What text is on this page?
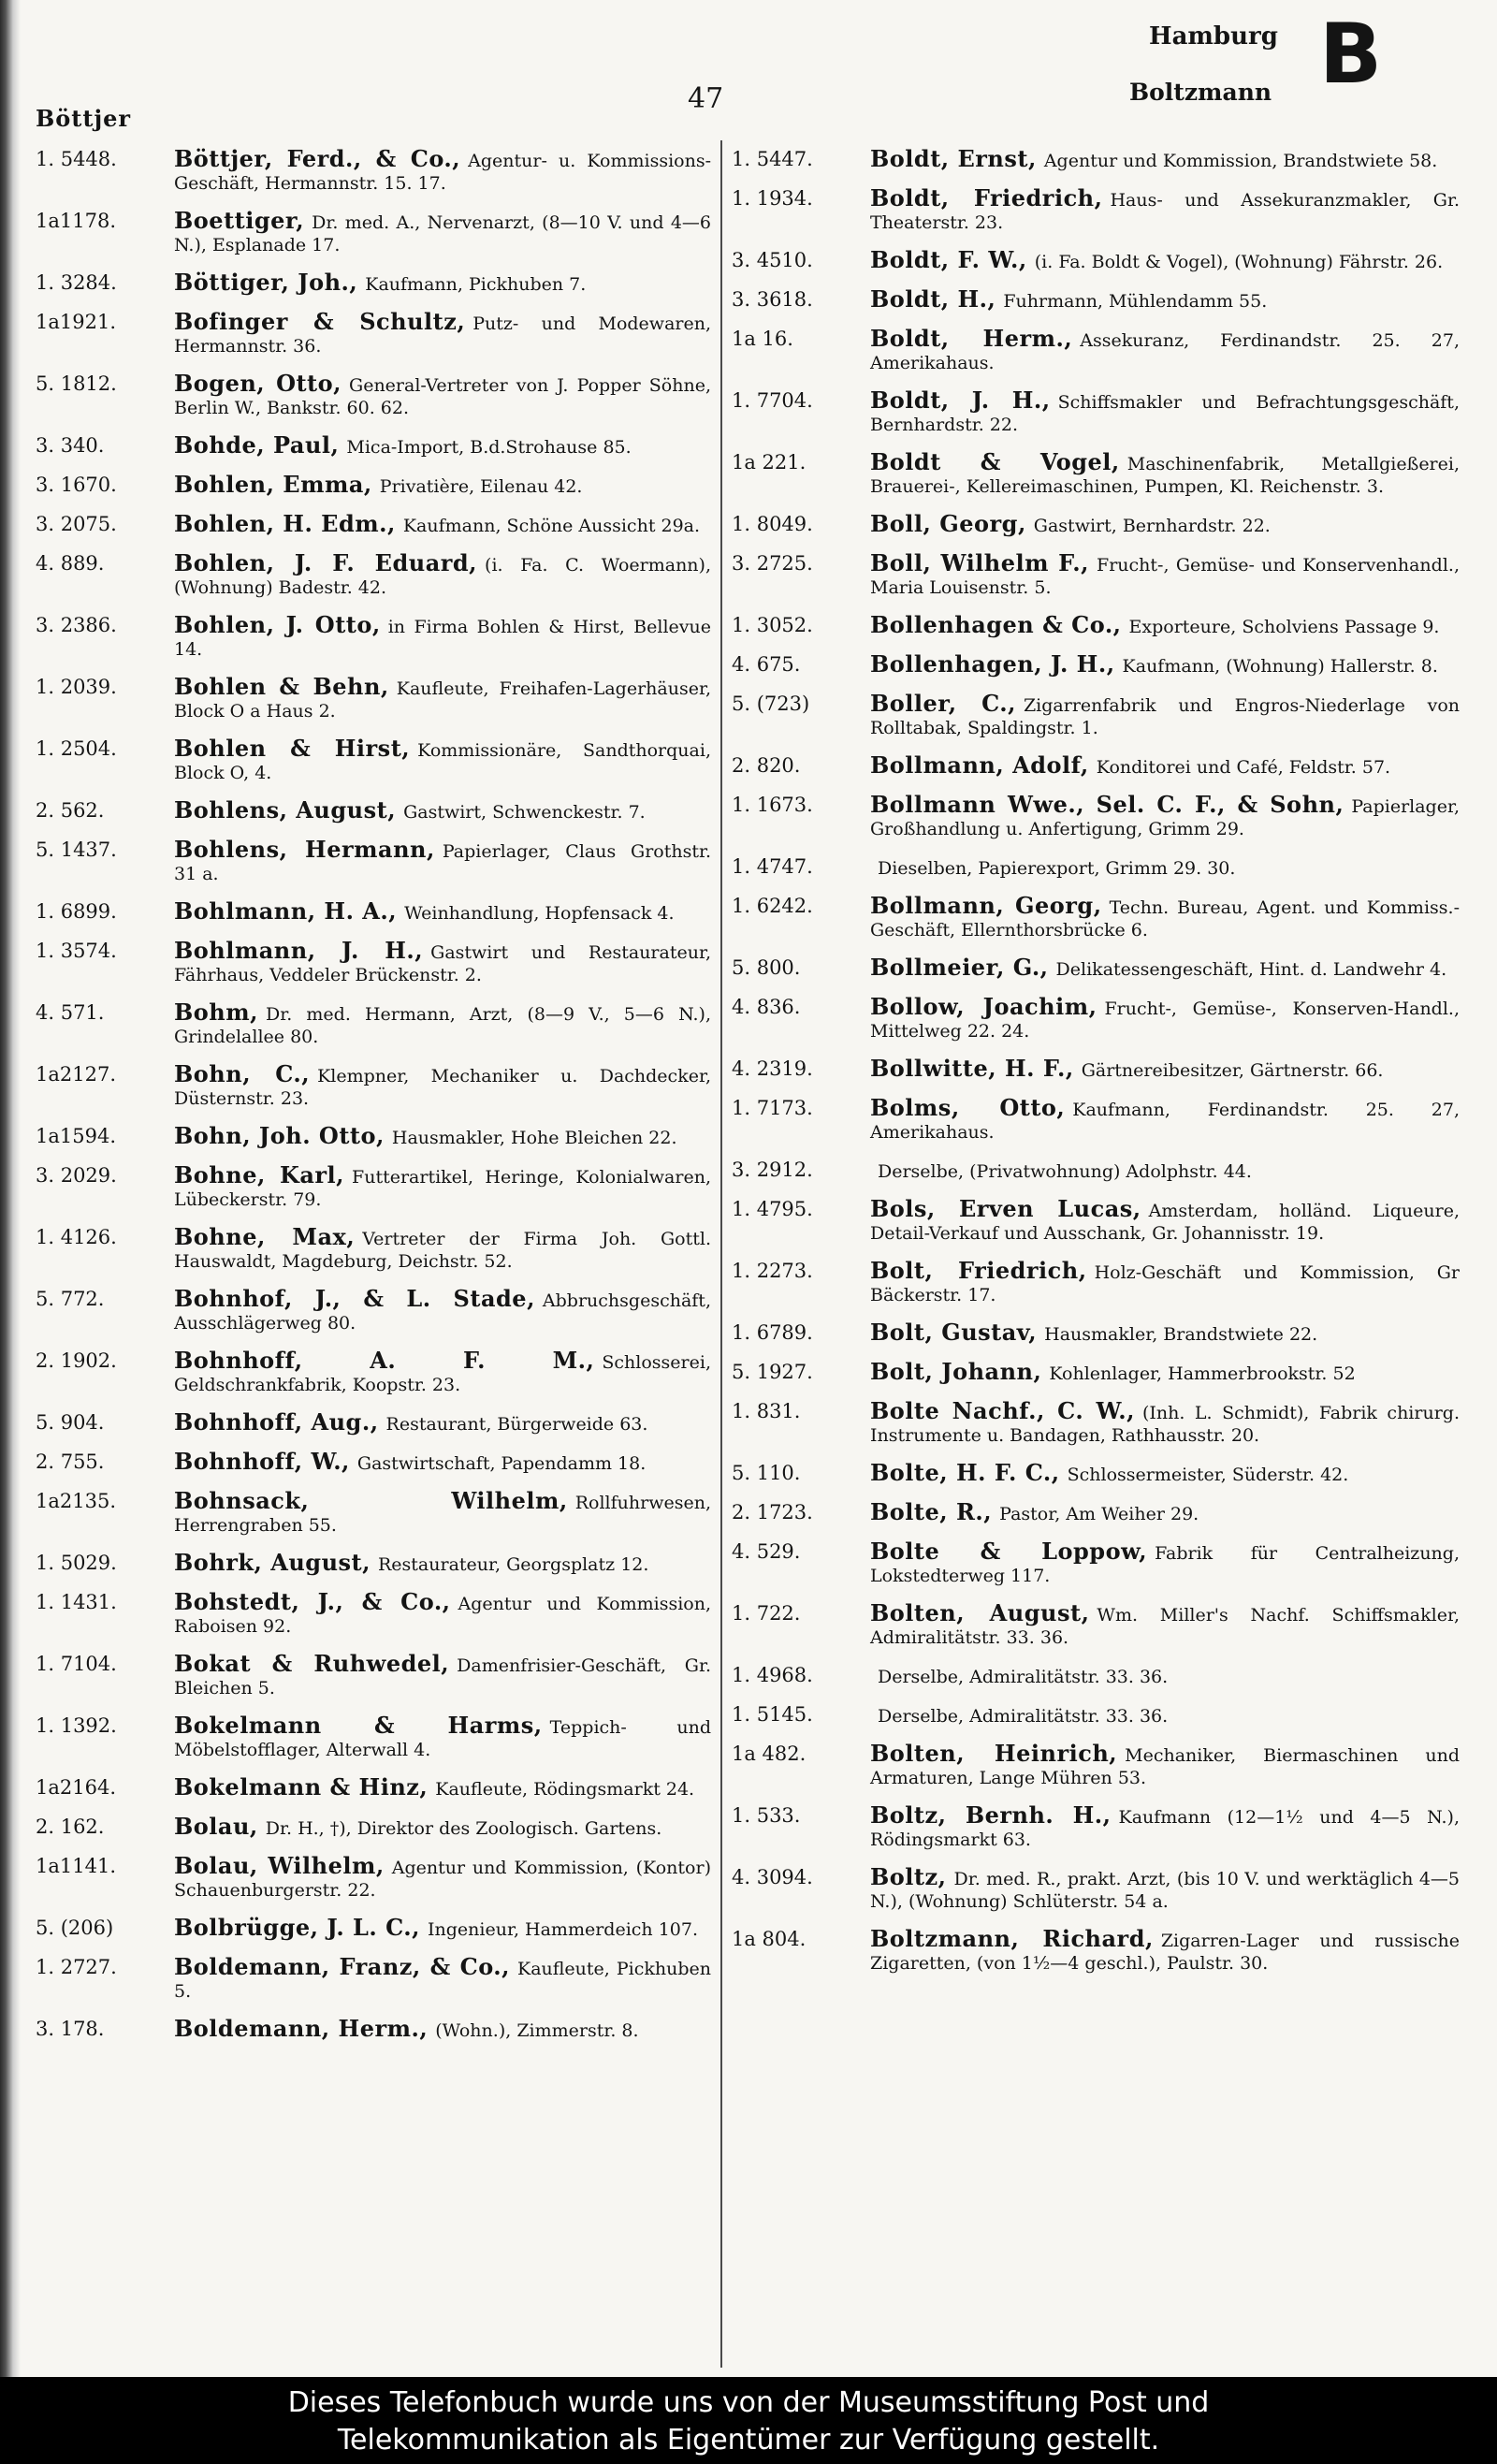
Böttjer
47
Hamburg B
Boltzmann
1. 5448.	Böttjer, Ferd., & Co., Agentur- u. Kommissions-Geschäft, Hermannstr. 15. 17.
1a1178.	Boettiger, Dr. med. A., Nervenarzt, (8—10 V. und 4—6 N.), Esplanade 17.
1. 3284.	Böttiger, Joh., Kaufmann, Pickhuben 7.
1a1921.	Bofinger & Schultz, Putz- und Modewaren, Hermannstr. 36.
5. 1812.	Bogen, Otto, General-Vertreter von J. Popper Söhne, Berlin W., Bankstr. 60. 62.
3. 340.	Bohde, Paul, Mica-Import, B.d.Strohause 85.
3. 1670.	Bohlen, Emma, Privatière, Eilenau 42.
3. 2075.	Bohlen, H. Edm., Kaufmann, Schöne Aussicht 29a.
4. 889.	Bohlen, J. F. Eduard, (i. Fa. C. Woermann), (Wohnung) Badestr. 42.
3. 2386.	Bohlen, J. Otto, in Firma Bohlen & Hirst, Bellevue 14.
1. 2039.	Bohlen & Behn, Kaufleute, Freihafen-Lagerhäuser, Block O a Haus 2.
1. 2504.	Bohlen & Hirst, Kommissionäre, Sandthorquai, Block O, 4.
2. 562.	Bohlens, August, Gastwirt, Schwenckestr. 7.
5. 1437.	Bohlens, Hermann, Papierlager, Claus Grothstr. 31 a.
1. 6899.	Bohlmann, H. A., Weinhandlung, Hopfensack 4.
1. 3574.	Bohlmann, J. H., Gastwirt und Restaurateur, Fährhaus, Veddeler Brückenstr. 2.
4. 571.	Bohm, Dr. med. Hermann, Arzt, (8—9 V., 5—6 N.), Grindelallee 80.
1a2127.	Bohn, C., Klempner, Mechaniker u. Dachdecker, Düsternstr. 23.
1a1594.	Bohn, Joh. Otto, Hausmakler, Hohe Bleichen 22.
3. 2029.	Bohne, Karl, Futterartikel, Heringe, Kolonialwaren, Lübeckerstr. 79.
1. 4126.	Bohne, Max, Vertreter der Firma Joh. Gottl. Hauswaldt, Magdeburg, Deichstr. 52.
5. 772.	Bohnhof, J., & L. Stade, Abbruchsgeschäft, Ausschlägerweg 80.
2. 1902.	Bohnhoff, A. F. M., Schlosserei, Geldschrankfabrik, Koopstr. 23.
5. 904.	Bohnhoff, Aug., Restaurant, Bürgerweide 63.
2. 755.	Bohnhoff, W., Gastwirtschaft, Papendamm 18.
1a2135.	Bohnsack, Wilhelm, Rollfuhrwesen, Herrengraben 55.
1. 5029.	Bohrk, August, Restaurateur, Georgsplatz 12.
1. 1431.	Bohstedt, J., & Co., Agentur und Kommission, Raboisen 92.
1. 7104.	Bokat & Ruhwedel, Damenfrisier-Geschäft, Gr. Bleichen 5.
1. 1392.	Bokelmann & Harms, Teppich- und Möbelstofflager, Alterwall 4.
1a2164.	Bokelmann & Hinz, Kaufleute, Rödingsmarkt 24.
2. 162.	Bolau, Dr. H., †), Direktor des Zoologisch. Gartens.
1a1141.	Bolau, Wilhelm, Agentur und Kommission, (Kontor) Schauenburgerstr. 22.
5. (206)	Bolbrügge, J. L. C., Ingenieur, Hammerdeich 107.
1. 2727.	Boldemann, Franz, & Co., Kaufleute, Pickhuben 5.
3. 178.	Boldemann, Herm., (Wohn.), Zimmerstr. 8.
1. 5447.	Boldt, Ernst, Agentur und Kommission, Brandstwiete 58.
1. 1934.	Boldt, Friedrich, Haus- und Assekuranzmakler, Gr. Theaterstr. 23.
3. 4510.	Boldt, F. W., (i. Fa. Boldt & Vogel), (Wohnung) Fährstr. 26.
3. 3618.	Boldt, H., Fuhrmann, Mühlendamm 55.
1a 16.	Boldt, Herm., Assekuranz, Ferdinandstr. 25. 27, Amerikahaus.
1. 7704.	Boldt, J. H., Schiffsmakler und Befrachtungsgeschäft, Bernhardstr. 22.
1a 221.	Boldt & Vogel, Maschinenfabrik, Metallgießerei, Brauerei-, Kellereimaschinen, Pumpen, Kl. Reichenstr. 3.
1. 8049.	Boll, Georg, Gastwirt, Bernhardstr. 22.
3. 2725.	Boll, Wilhelm F., Frucht-, Gemüse- und Konservenhandl., Maria Louisenstr. 5.
1. 3052.	Bollenhagen & Co., Exporteure, Scholviens Passage 9.
4. 675.	Bollenhagen, J. H., Kaufmann, (Wohnung) Hallerstr. 8.
5. (723)	Boller, C., Zigarrenfabrik und Engros-Niederlage von Rolltabak, Spaldingstr. 1.
2. 820.	Bollmann, Adolf, Konditorei und Café, Feldstr. 57.
1. 1673.	Bollmann Wwe., Sel. C. F., & Sohn, Papierlager, Großhandlung u. Anfertigung, Grimm 29.
1. 4747.	Dieselben, Papierexport, Grimm 29. 30.
1. 6242.	Bollmann, Georg, Techn. Bureau, Agent. und Kommiss.-Geschäft, Ellernthorsbrücke 6.
5. 800.	Bollmeier, G., Delikatessengeschäft, Hint. d. Landwehr 4.
4. 836.	Bollow, Joachim, Frucht-, Gemüse-, Konserven-Handl., Mittelweg 22. 24.
4. 2319.	Bollwitte, H. F., Gärtnereibesitzer, Gärtnerstr. 66.
1. 7173.	Bolms, Otto, Kaufmann, Ferdinandstr. 25. 27, Amerikahaus.
3. 2912.	Derselbe, (Privatwohnung) Adolphstr. 44.
1. 4795.	Bols, Erven Lucas, Amsterdam, holländ. Liqueure, Detail-Verkauf und Ausschank, Gr. Johannisstr. 19.
1. 2273.	Bolt, Friedrich, Holz-Geschäft und Kommission, Gr Bäckerstr. 17.
1. 6789.	Bolt, Gustav, Hausmakler, Brandstwiete 22.
5. 1927.	Bolt, Johann, Kohlenlager, Hammerbrookstr. 52
1. 831.	Bolte Nachf., C. W., (Inh. L. Schmidt), Fabrik chirurg. Instrumente u. Bandagen, Rathhausstr. 20.
5. 110.	Bolte, H. F. C., Schlossermeister, Süderstr. 42.
2. 1723.	Bolte, R., Pastor, Am Weiher 29.
4. 529.	Bolte & Loppow, Fabrik für Centralheizung, Lokstedterweg 117.
1. 722.	Bolten, August, Wm. Miller's Nachf. Schiffsmakler, Admiralitätstr. 33. 36.
1. 4968.	Derselbe, Admiralitätstr. 33. 36.
1. 5145.	Derselbe, Admiralitätstr. 33. 36.
1a 482.	Bolten, Heinrich, Mechaniker, Biermaschinen und Armaturen, Lange Mühren 53.
1. 533.	Boltz, Bernh. H., Kaufmann (12—1½ und 4—5 N.), Rödingsmarkt 63.
4. 3094.	Boltz, Dr. med. R., prakt. Arzt, (bis 10 V. und werktäglich 4—5 N.), (Wohnung) Schlüterstr. 54 a.
1a 804.	Boltzmann, Richard, Zigarren-Lager und russische Zigaretten, (von 1½—4 geschl.), Paulstr. 30.
Dieses Telefonbuch wurde uns von der Museumsstiftung Post und
Telekommunikation als Eigentümer zur Verfügung gestellt.
